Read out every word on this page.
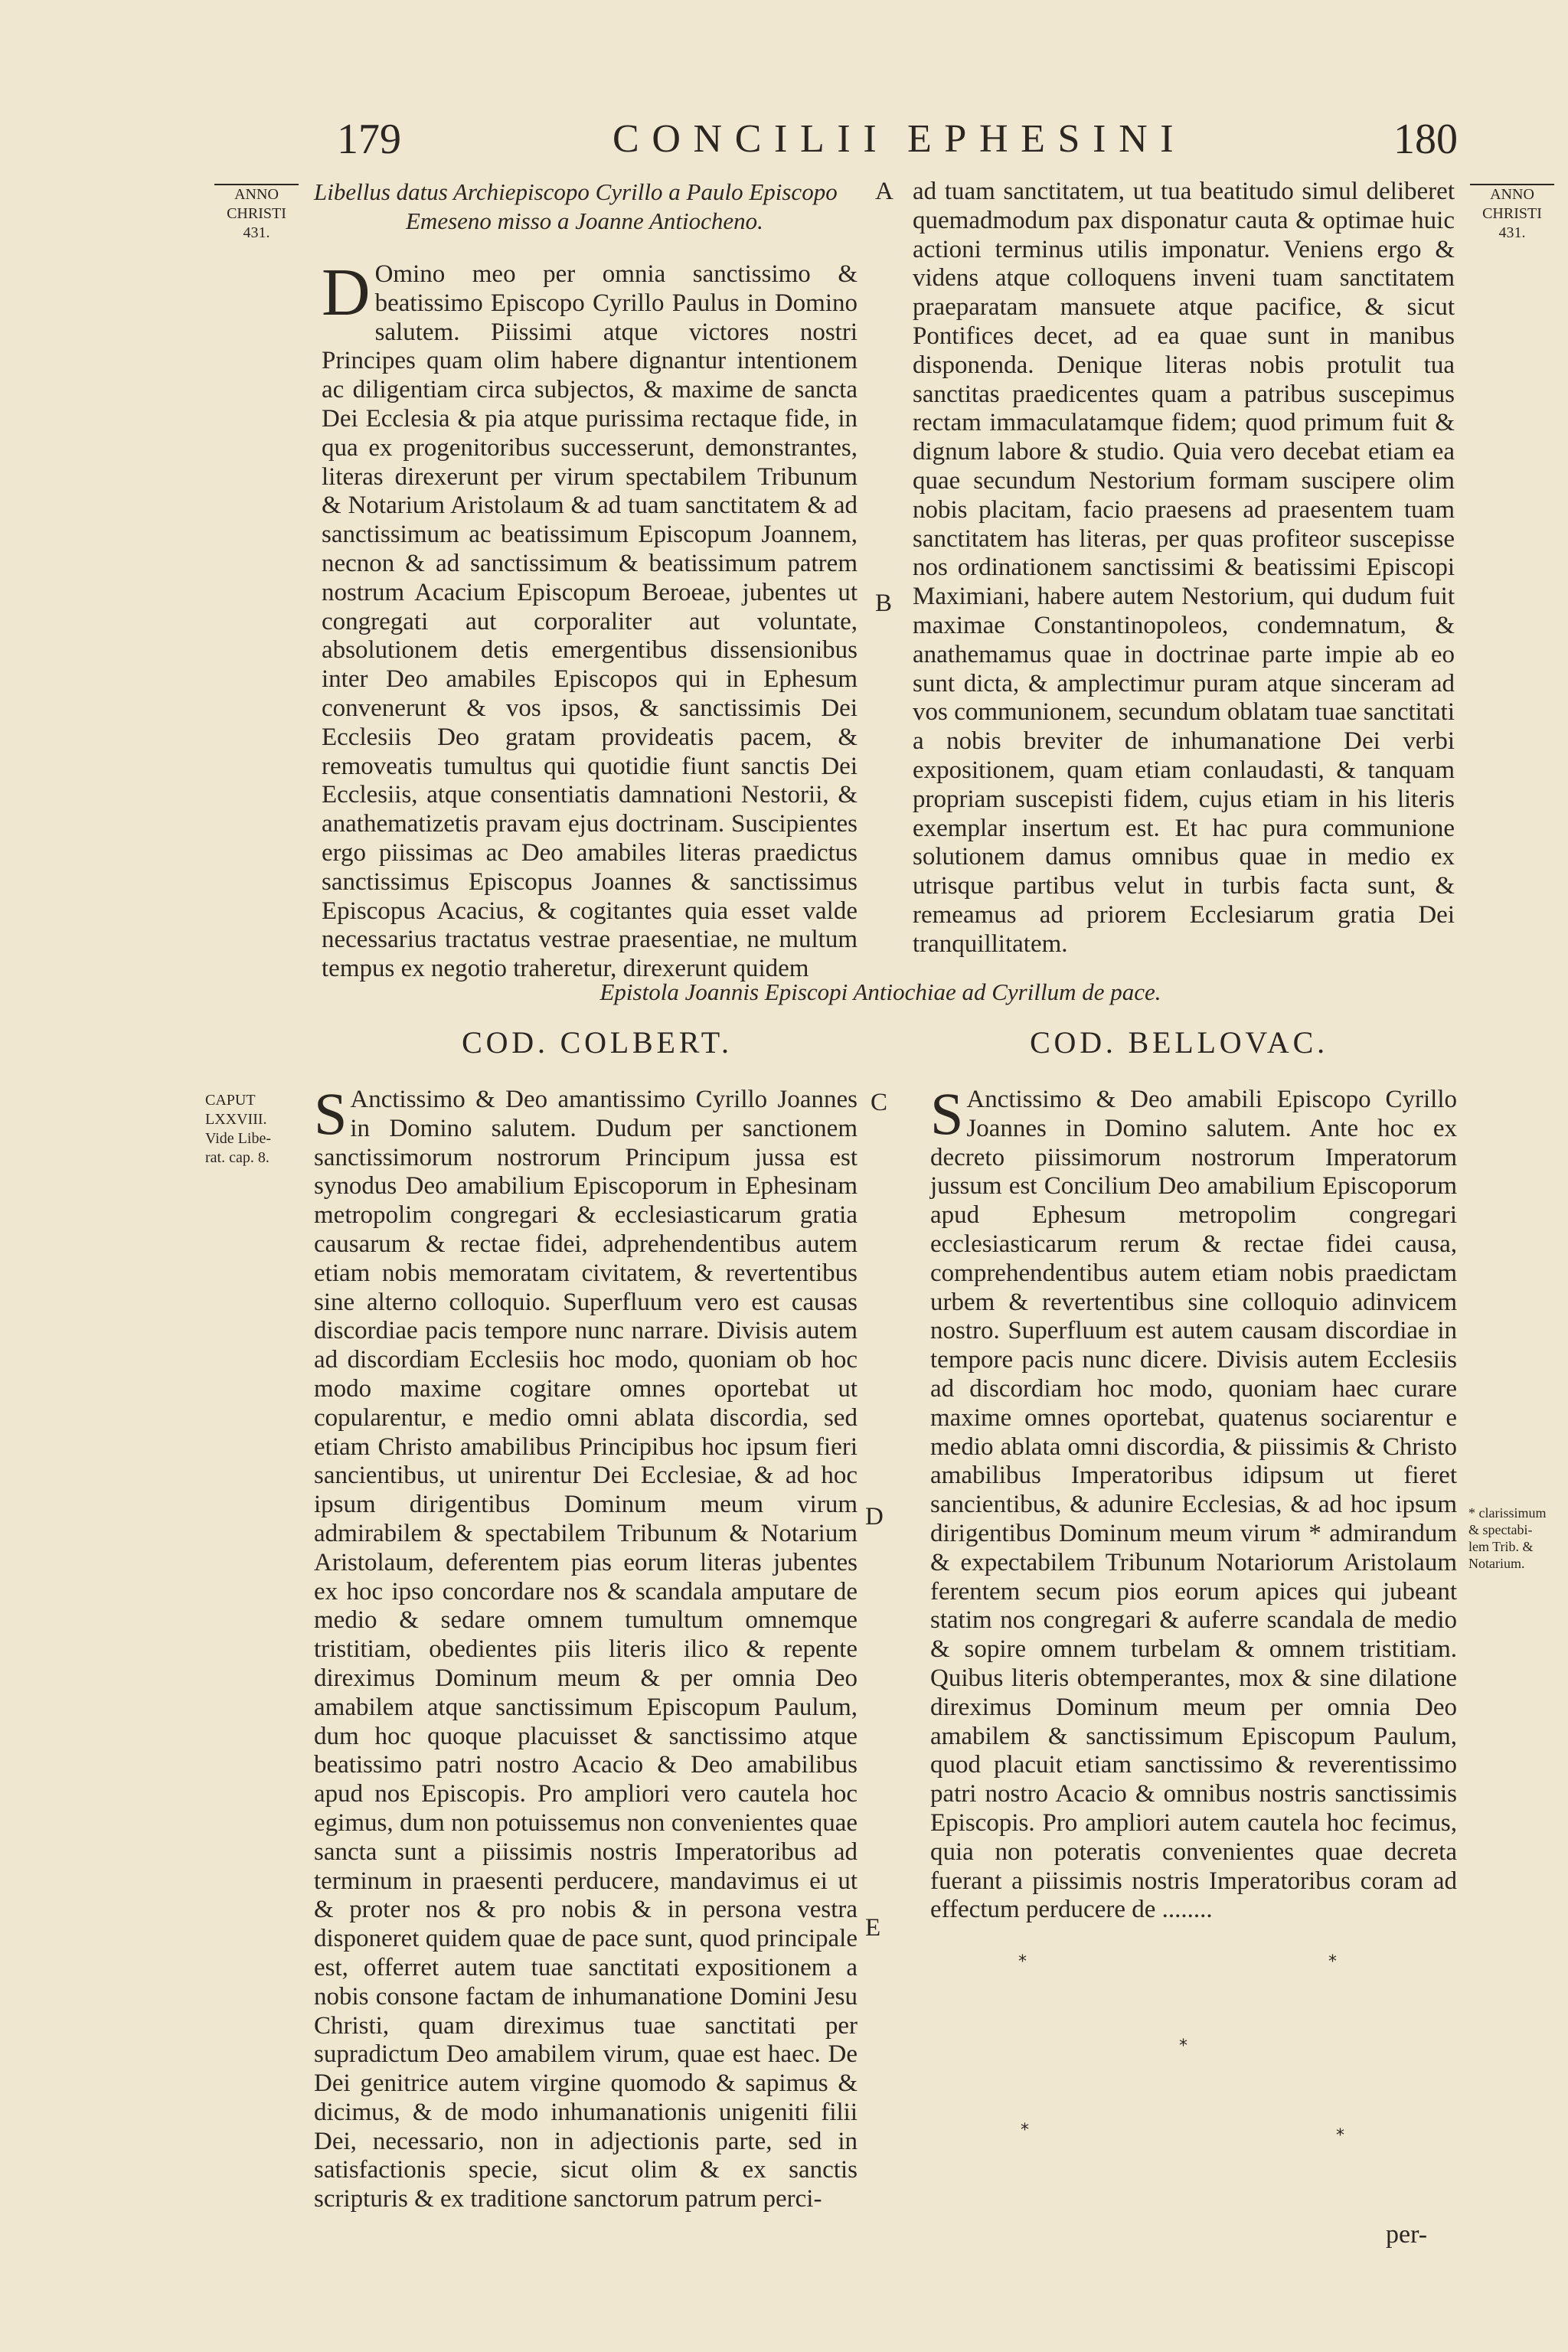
179	CONCILII EPHESINI	180
ANNO
CHRISTI
431.
ANNO
CHRISTI
431.
Libellus datus Archiepiscopo Cyrillo a Paulo Episcopo
Emeseno misso a Joanne Antiocheno.
A
B
C
D
E
D Omino meo per omnia sanctissimo & beatissimo Episcopo Cyrillo Paulus in Domino salutem. Piissimi atque victores nostri Principes quam olim habere dignantur intentionem ac diligentiam circa subjectos, & maxime de sancta Dei Ecclesia & pia atque purissima rectaque fide, in qua ex progenitoribus successerunt, demonstrantes, literas direxerunt per virum spectabilem Tribunum & Notarium Aristolaum & ad tuam sanctitatem & ad sanctissimum ac beatissimum Episcopum Joannem, necnon & ad sanctissimum & beatissimum patrem nostrum Acacium Episcopum Beroeae, jubentes ut congregati aut corporaliter aut voluntate, absolutionem detis emergentibus dissensionibus inter Deo amabiles Episcopos qui in Ephesum convenerunt & vos ipsos, & sanctissimis Dei Ecclesiis Deo gratam provideatis pacem, & removeatis tumultus qui quotidie fiunt sanctis Dei Ecclesiis, atque consentiatis damnationi Nestorii, & anathematizetis pravam ejus doctrinam. Suscipientes ergo piissimas ac Deo amabiles literas praedictus sanctissimus Episcopus Joannes & sanctissimus Episcopus Acacius, & cogitantes quia esset valde necessarius tractatus vestrae praesentiae, ne multum tempus ex negotio traheretur, direxerunt quidem
ad tuam sanctitatem, ut tua beatitudo simul deliberet quemadmodum pax disponatur cauta & optimae huic actioni terminus utilis imponatur. Veniens ergo & videns atque colloquens inveni tuam sanctitatem praeparatam mansuete atque pacifice, & sicut Pontifices decet, ad ea quae sunt in manibus disponenda. Denique literas nobis protulit tua sanctitas praedicentes quam a patribus suscepimus rectam immaculatamque fidem; quod primum fuit & dignum labore & studio. Quia vero decebat etiam ea quae secundum Nestorium formam suscipere olim nobis placitam, facio praesens ad praesentem tuam sanctitatem has literas, per quas profiteor suscepisse nos ordinationem sanctissimi & beatissimi Episcopi Maximiani, habere autem Nestorium, qui dudum fuit maximae Constantinopoleos, condemnatum, & anathemamus quae in doctrinae parte impie ab eo sunt dicta, & amplectimur puram atque sinceram ad vos communionem, secundum oblatam tuae sanctitati a nobis breviter de inhumanatione Dei verbi expositionem, quam etiam conlaudasti, & tanquam propriam suscepisti fidem, cujus etiam in his literis exemplar insertum est. Et hac pura communione solutionem damus omnibus quae in medio ex utrisque partibus velut in turbis facta sunt, & remeamus ad priorem Ecclesiarum gratia Dei tranquillitatem.
Epistola Joannis Episcopi Antiochiae ad Cyrillum de pace.
COD. COLBERT.	COD. BELLOVAC.
CAPUT
LXXVIII.
Vide Libe-
rat. cap. 8.
S Anctissimo & Deo amantissimo Cyrillo Joannes in Domino salutem. Dudum per sanctionem sanctissimorum nostrorum Principum jussa est synodus Deo amabilium Episcoporum in Ephesinam metropolim congregari & ecclesiasticarum gratia causarum & rectae fidei, adprehendentibus autem etiam nobis memoratam civitatem, & revertentibus sine alterno colloquio. Superfluum vero est causas discordiae pacis tempore nunc narrare. Divisis autem ad discordiam Ecclesiis hoc modo, quoniam ob hoc modo maxime cogitare omnes oportebat ut copularentur, e medio omni ablata discordia, sed etiam Christo amabilibus Principibus hoc ipsum fieri sancientibus, ut unirentur Dei Ecclesiae, & ad hoc ipsum dirigentibus Dominum meum virum admirabilem & spectabilem Tribunum & Notarium Aristolaum, deferentem pias eorum literas jubentes ex hoc ipso concordare nos & scandala amputare de medio & sedare omnem tumultum omnemque tristitiam, obedientes piis literis ilico & repente direximus Dominum meum & per omnia Deo amabilem atque sanctissimum Episcopum Paulum, dum hoc quoque placuisset & sanctissimo atque beatissimo patri nostro Acacio & Deo amabilibus apud nos Episcopis. Pro ampliori vero cautela hoc egimus, dum non potuissemus non convenientes quae sancta sunt a piissimis nostris Imperatoribus ad terminum in praesenti perducere, mandavimus ei ut & proter nos & pro nobis & in persona vestra disponeret quidem quae de pace sunt, quod principale est, offerret autem tuae sanctitati expositionem a nobis consone factam de inhumanatione Domini Jesu Christi, quam direximus tuae sanctitati per supradictum Deo amabilem virum, quae est haec. De Dei genitrice autem virgine quomodo & sapimus & dicimus, & de modo inhumanationis unigeniti filii Dei, necessario, non in adjectionis parte, sed in satisfactionis specie, sicut olim & ex sanctis scripturis & ex traditione sanctorum patrum perci-
S Anctissimo & Deo amabili Episcopo Cyrillo Joannes in Domino salutem. Ante hoc ex decreto piissimorum nostrorum Imperatorum jussum est Concilium Deo amabilium Episcoporum apud Ephesum metropolim congregari ecclesiasticarum rerum & rectae fidei causa, comprehendentibus autem etiam nobis praedictam urbem & revertentibus sine colloquio adinvicem nostro. Superfluum est autem causam discordiae in tempore pacis nunc dicere. Divisis autem Ecclesiis ad discordiam hoc modo, quoniam haec curare maxime omnes oportebat, quatenus sociarentur e medio ablata omni discordia, & piissimis & Christo amabilibus Imperatoribus idipsum ut fieret sancientibus, & adunire Ecclesias, & ad hoc ipsum dirigentibus Dominum meum virum * admirandum & expectabilem Tribunum Notariorum Aristolaum ferentem secum pios eorum apices qui jubeant statim nos congregari & auferre scandala de medio & sopire omnem turbelam & omnem tristitiam. Quibus literis obtemperantes, mox & sine dilatione direximus Dominum meum per omnia Deo amabilem & sanctissimum Episcopum Paulum, quod placuit etiam sanctissimo & reverentissimo patri nostro Acacio & omnibus nostris sanctissimis Episcopis. Pro ampliori autem cautela hoc fecimus, quia non poteratis convenientes quae decreta fuerant a piissimis nostris Imperatoribus coram ad effectum perducere de ........
* clarissimum
& spectabi-
lem Trib. &
Notarium.
*	*
*
*	*
per-
